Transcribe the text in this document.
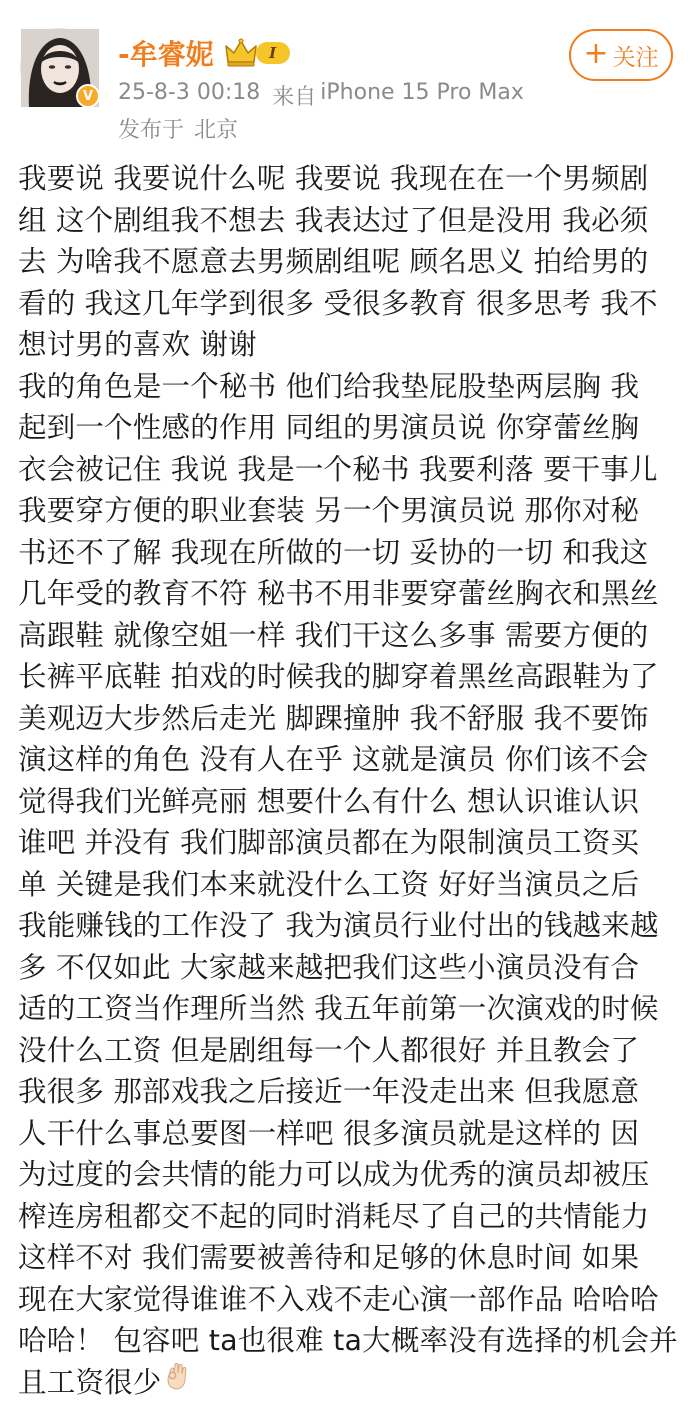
V
-牟睿妮	I
25-8-3 00:18 来自 iPhone 15 Pro Max
发布于 北京
+ 关注
我要说 我要说什么呢 我要说 我现在在一个男频剧
组 这个剧组我不想去 我表达过了但是没用 我必须
去 为啥我不愿意去男频剧组呢 顾名思义 拍给男的
看的 我这几年学到很多 受很多教育 很多思考 我不
想讨男的喜欢 谢谢
我的角色是一个秘书 他们给我垫屁股垫两层胸 我
起到一个性感的作用 同组的男演员说 你穿蕾丝胸
衣会被记住 我说 我是一个秘书 我要利落 要干事儿
我要穿方便的职业套装 另一个男演员说 那你对秘
书还不了解 我现在所做的一切 妥协的一切 和我这
几年受的教育不符 秘书不用非要穿蕾丝胸衣和黑丝
高跟鞋 就像空姐一样 我们干这么多事 需要方便的
长裤平底鞋 拍戏的时候我的脚穿着黑丝高跟鞋为了
美观迈大步然后走光 脚踝撞肿 我不舒服 我不要饰
演这样的角色 没有人在乎 这就是演员 你们该不会
觉得我们光鲜亮丽 想要什么有什么 想认识谁认识
谁吧 并没有 我们脚部演员都在为限制演员工资买
单 关键是我们本来就没什么工资 好好当演员之后
我能赚钱的工作没了 我为演员行业付出的钱越来越
多 不仅如此 大家越来越把我们这些小演员没有合
适的工资当作理所当然 我五年前第一次演戏的时候
没什么工资 但是剧组每一个人都很好 并且教会了
我很多 那部戏我之后接近一年没走出来 但我愿意
人干什么事总要图一样吧 很多演员就是这样的 因
为过度的会共情的能力可以成为优秀的演员却被压
榨连房租都交不起的同时消耗尽了自己的共情能力
这样不对 我们需要被善待和足够的休息时间 如果
现在大家觉得谁谁不入戏不走心演一部作品 哈哈哈
哈哈！ 包容吧 ta也很难 ta大概率没有选择的机会并
且工资很少
